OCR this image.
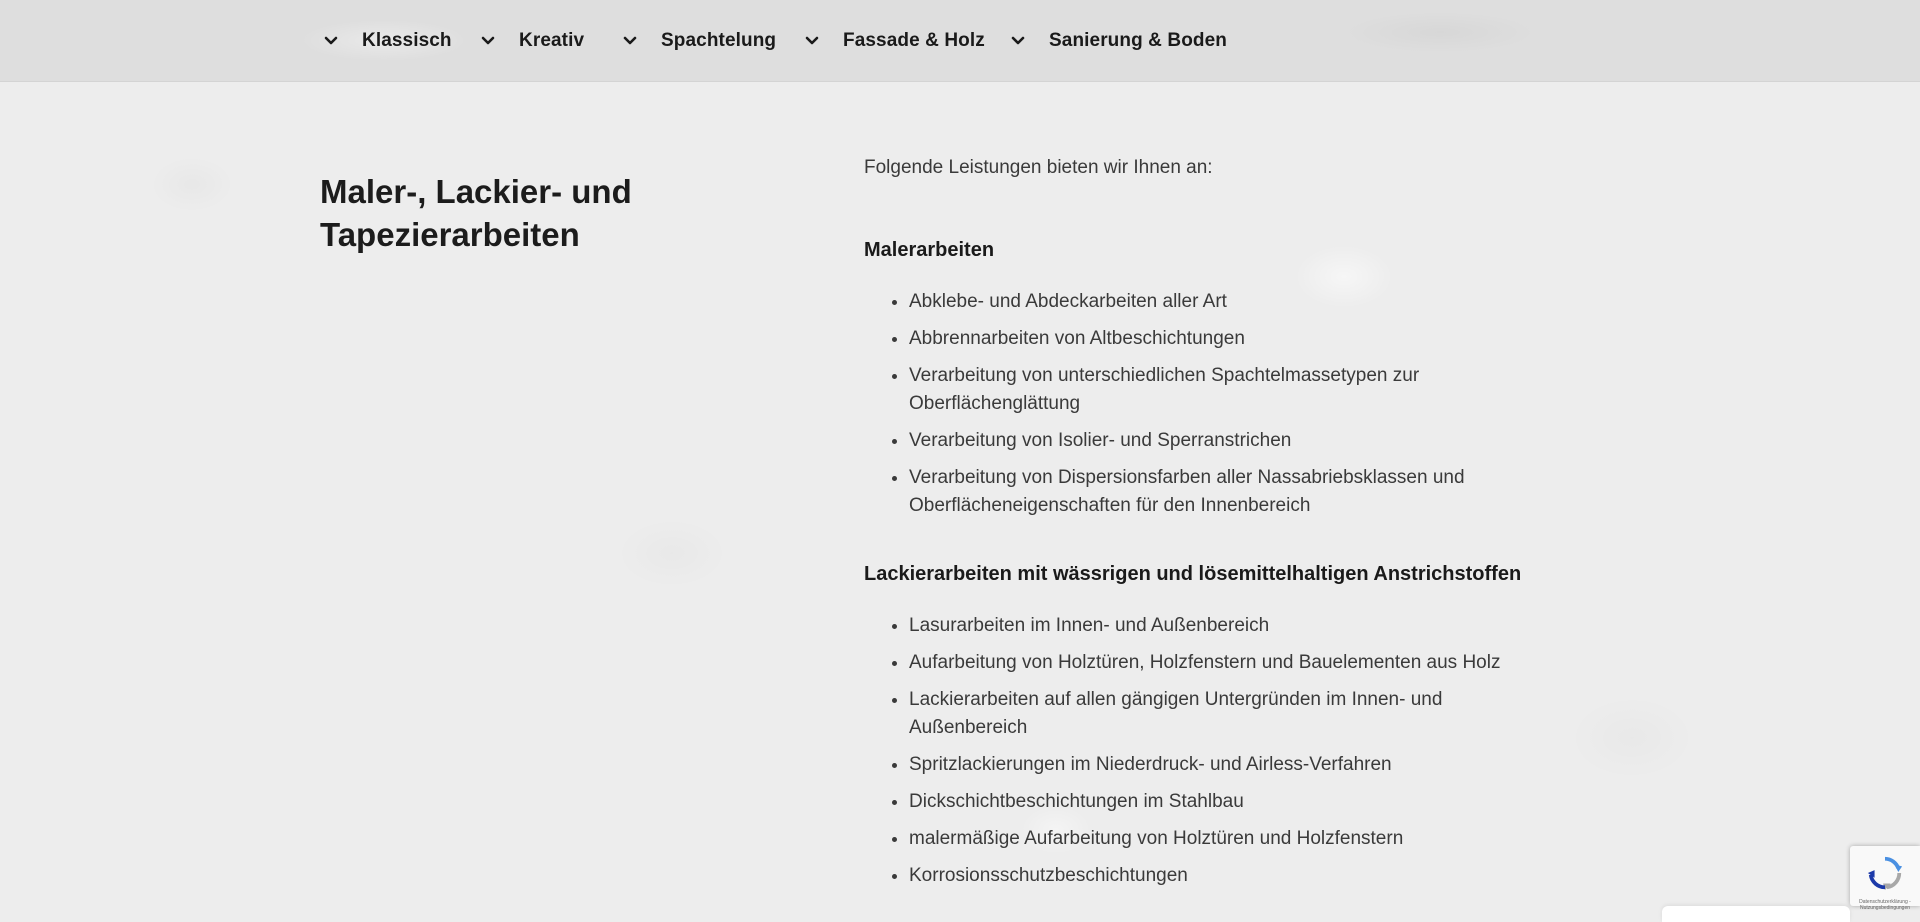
Klassisch	Kreativ	Spachtelung	Fassade & Holz	Sanierung & Boden
Maler-, Lackier- und Tapezierarbeiten

Folgende Leistungen bieten wir Ihnen an:

Malerarbeiten
Abklebe- und Abdeckarbeiten aller Art
Abbrennarbeiten von Altbeschichtungen
Verarbeitung von unterschiedlichen Spachtelmassetypen zur Oberflächenglättung
Verarbeitung von Isolier- und Sperranstrichen
Verarbeitung von Dispersionsfarben aller Nassabriebsklassen und Oberflächeneigenschaften für den Innenbereich
Lackierarbeiten mit wässrigen und lösemittelhaltigen Anstrichstoffen
Lasurarbeiten im Innen- und Außenbereich
Aufarbeitung von Holztüren, Holzfenstern und Bauelementen aus Holz
Lackierarbeiten auf allen gängigen Untergründen im Innen- und Außenbereich
Spritzlackierungen im Niederdruck- und Airless-Verfahren
Dickschichtbeschichtungen im Stahlbau
malermäßige Aufarbeitung von Holztüren und Holzfenstern
Korrosionsschutzbeschichtungen
Datenschutzerklärung - Nutzungsbedingungen
